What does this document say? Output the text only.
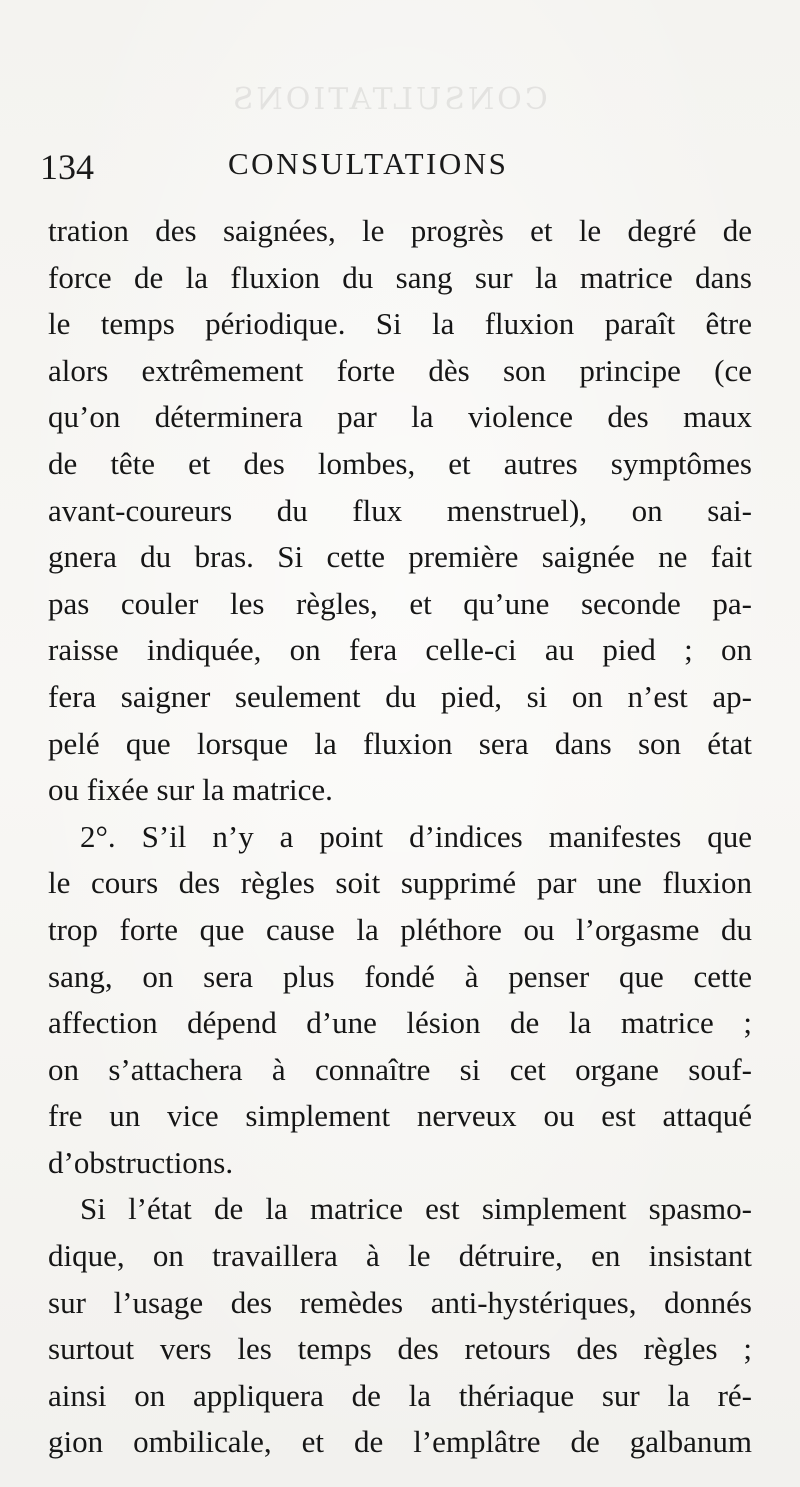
CONSULTATIONS
134	CONSULTATIONS
tration des saignées, le progrès et le degré de
force de la fluxion du sang sur la matrice dans
le temps périodique. Si la fluxion paraît être
alors extrêmement forte dès son principe (ce
qu’on déterminera par la violence des maux
de tête et des lombes, et autres symptômes
avant-coureurs du flux menstruel), on sai-
gnera du bras. Si cette première saignée ne fait
pas couler les règles, et qu’une seconde pa-
raisse indiquée, on fera celle-ci au pied ; on
fera saigner seulement du pied, si on n’est ap-
pelé que lorsque la fluxion sera dans son état
ou fixée sur la matrice.
2°. S’il n’y a point d’indices manifestes que
le cours des règles soit supprimé par une fluxion
trop forte que cause la pléthore ou l’orgasme du
sang, on sera plus fondé à penser que cette
affection dépend d’une lésion de la matrice ;
on s’attachera à connaître si cet organe souf-
fre un vice simplement nerveux ou est attaqué
d’obstructions.
Si l’état de la matrice est simplement spasmo-
dique, on travaillera à le détruire, en insistant
sur l’usage des remèdes anti-hystériques, donnés
surtout vers les temps des retours des règles ;
ainsi on appliquera de la thériaque sur la ré-
gion ombilicale, et de l’emplâtre de galbanum
